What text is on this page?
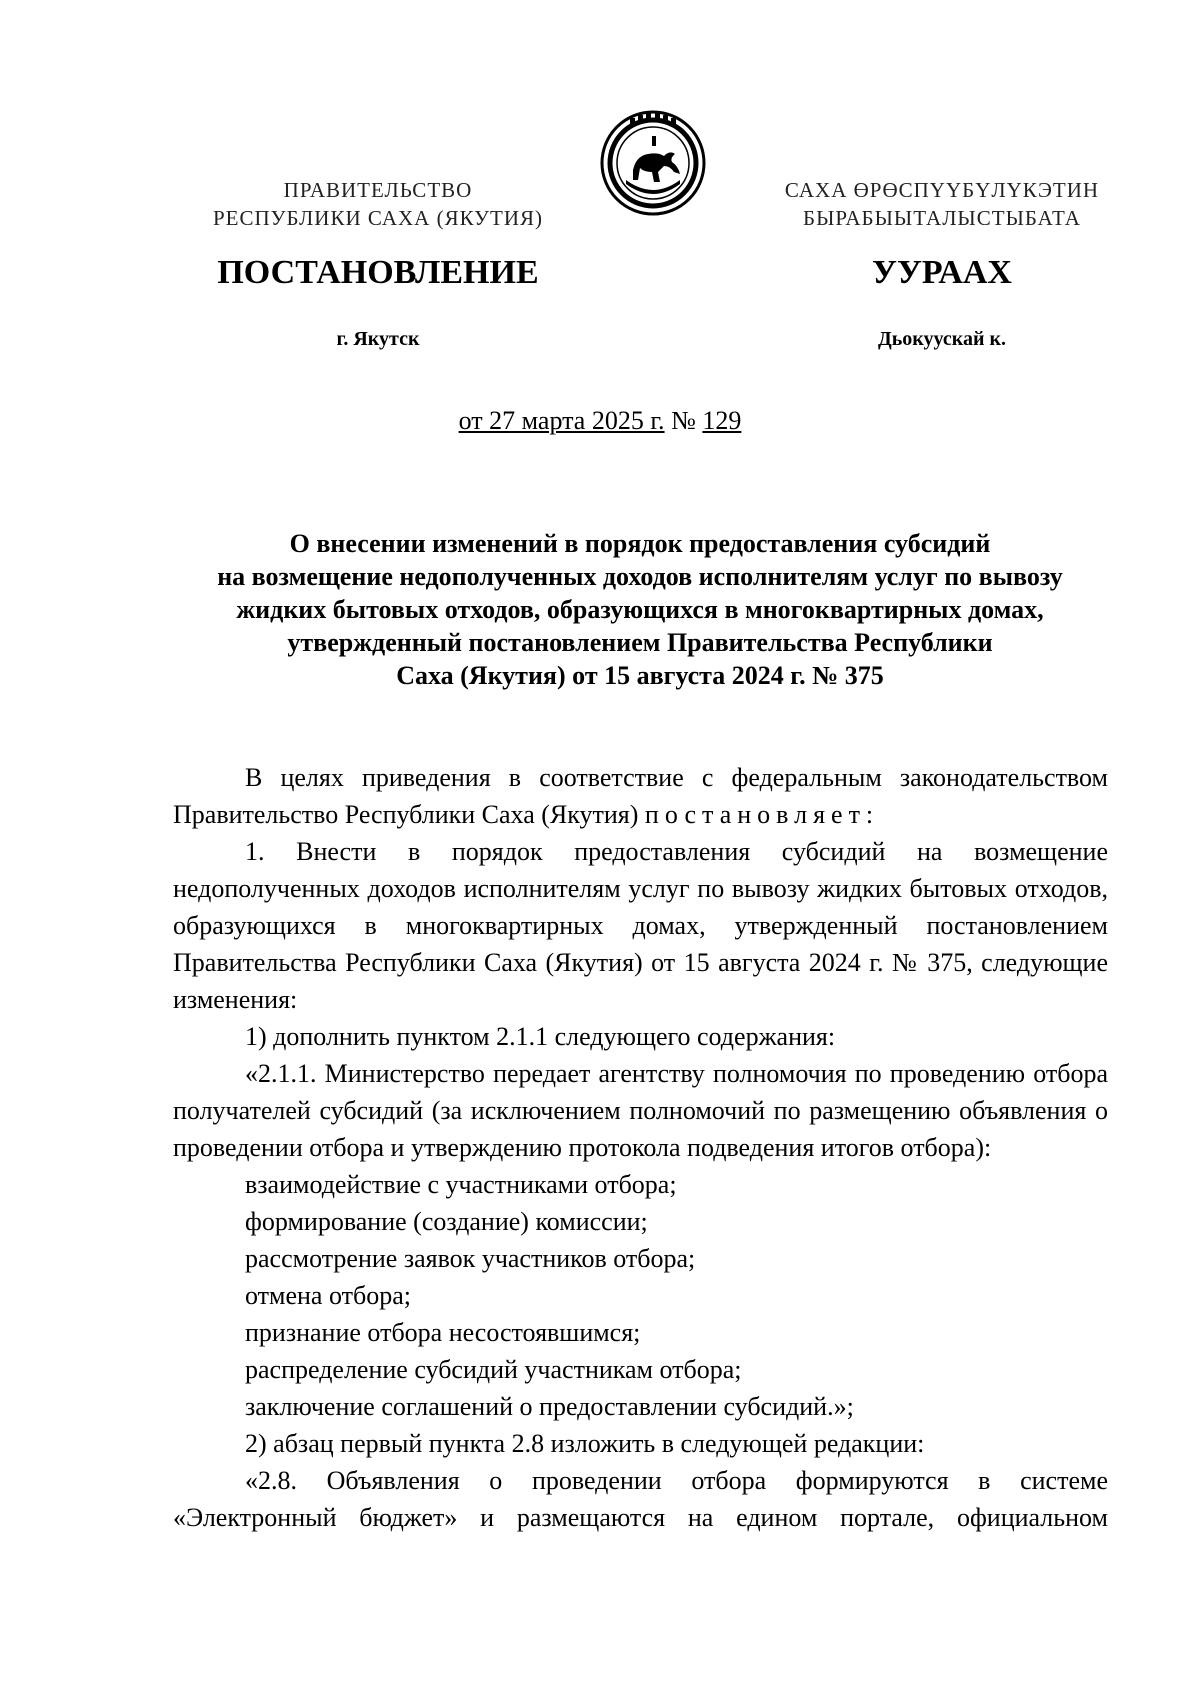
ПРАВИТЕЛЬСТВО
РЕСПУБЛИКИ САХА (ЯКУТИЯ)
САХА ӨРӨСПҮҮБҮЛҮКЭТИН
БЫРАБЫЫТАЛЫСТЫБАТА
ПОСТАНОВЛЕНИЕ	УУРААХ
г. Якутск	Дьокуускай к.
от 27 марта 2025 г. № 129
О внесении изменений в порядок предоставления субсидий
на возмещение недополученных доходов исполнителям услуг по вывозу
жидких бытовых отходов, образующихся в многоквартирных домах,
утвержденный постановлением Правительства Республики
Саха (Якутия) от 15 августа 2024 г. № 375

В целях приведения в соответствие с федеральным законодательством Правительство Республики Саха (Якутия) постановляет:

1. Внести в порядок предоставления субсидий на возмещение недополученных доходов исполнителям услуг по вывозу жидких бытовых отходов, образующихся в многоквартирных домах, утвержденный постановлением Правительства Республики Саха (Якутия) от 15 августа 2024 г. № 375, следующие изменения:

1) дополнить пунктом 2.1.1 следующего содержания:

«2.1.1. Министерство передает агентству полномочия по проведению отбора получателей субсидий (за исключением полномочий по размещению объявления о проведении отбора и утверждению протокола подведения итогов отбора):

взаимодействие с участниками отбора;

формирование (создание) комиссии;

рассмотрение заявок участников отбора;

отмена отбора;

признание отбора несостоявшимся;

распределение субсидий участникам отбора;

заключение соглашений о предоставлении субсидий.»;

2) абзац первый пункта 2.8 изложить в следующей редакции:

«2.8. Объявления о проведении отбора формируются в системе «Электронный бюджет» и размещаются на едином портале, официальном
